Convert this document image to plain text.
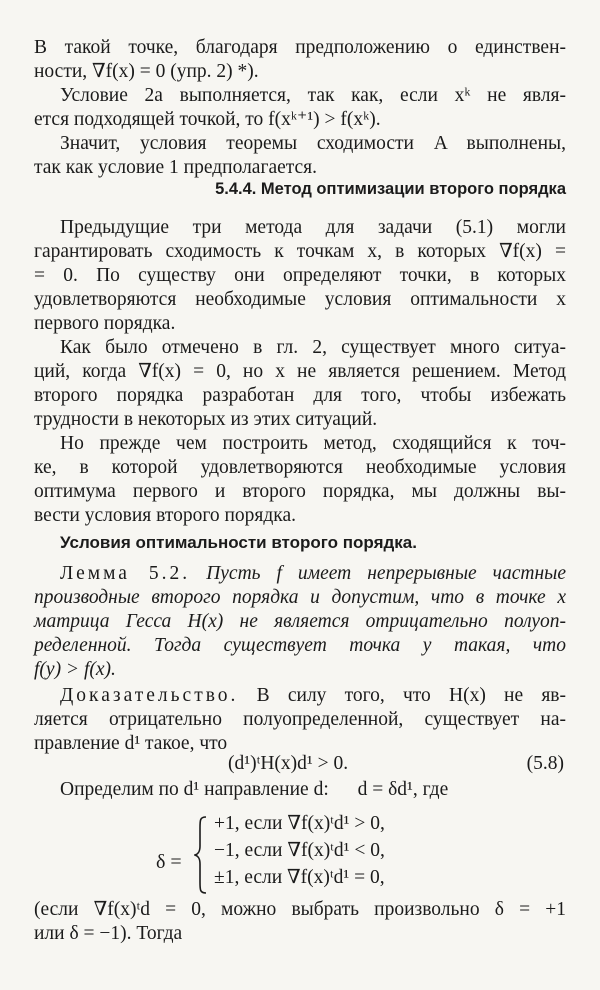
В такой точке, благодаря предположению о единствен-
ности, ∇f(x) = 0 (упр. 2) *).
Условие 2а выполняется, так как, если xᵏ не явля-
ется подходящей точкой, то f(xᵏ⁺¹) > f(xᵏ).
Значит, условия теоремы сходимости A выполнены,
так как условие 1 предполагается.
5.4.4. Метод оптимизации второго порядка
Предыдущие три метода для задачи (5.1) могли
гарантировать сходимость к точкам x, в которых ∇f(x) =
= 0. По существу они определяют точки, в которых
удовлетворяются необходимые условия оптимальности x
первого порядка.
Как было отмечено в гл. 2, существует много ситуа-
ций, когда ∇f(x) = 0, но x не является решением. Метод
второго порядка разработан для того, чтобы избежать
трудности в некоторых из этих ситуаций.
Но прежде чем построить метод, сходящийся к точ-
ке, в которой удовлетворяются необходимые условия
оптимума первого и второго порядка, мы должны вы-
вести условия второго порядка.
Условия оптимальности второго порядка.
Лемма 5.2. Пусть f имеет непрерывные частные
производные второго порядка и допустим, что в точке x
матрица Гесса H(x) не является отрицательно полуоп-
ределенной. Тогда существует точка y такая, что
f(y) > f(x).
Доказательство. В силу того, что H(x) не яв-
ляется отрицательно полуопределенной, существует на-
правление d¹ такое, что
(d¹)ᵗH(x)d¹ > 0.	(5.8)
Определим по d¹ направление d: d = δd¹, где
δ =
+1, если ∇f(x)ᵗd¹ > 0,
−1, если ∇f(x)ᵗd¹ < 0,
±1, если ∇f(x)ᵗd¹ = 0,
(если ∇f(x)ᵗd = 0, можно выбрать произвольно δ = +1
или δ = −1). Тогда
